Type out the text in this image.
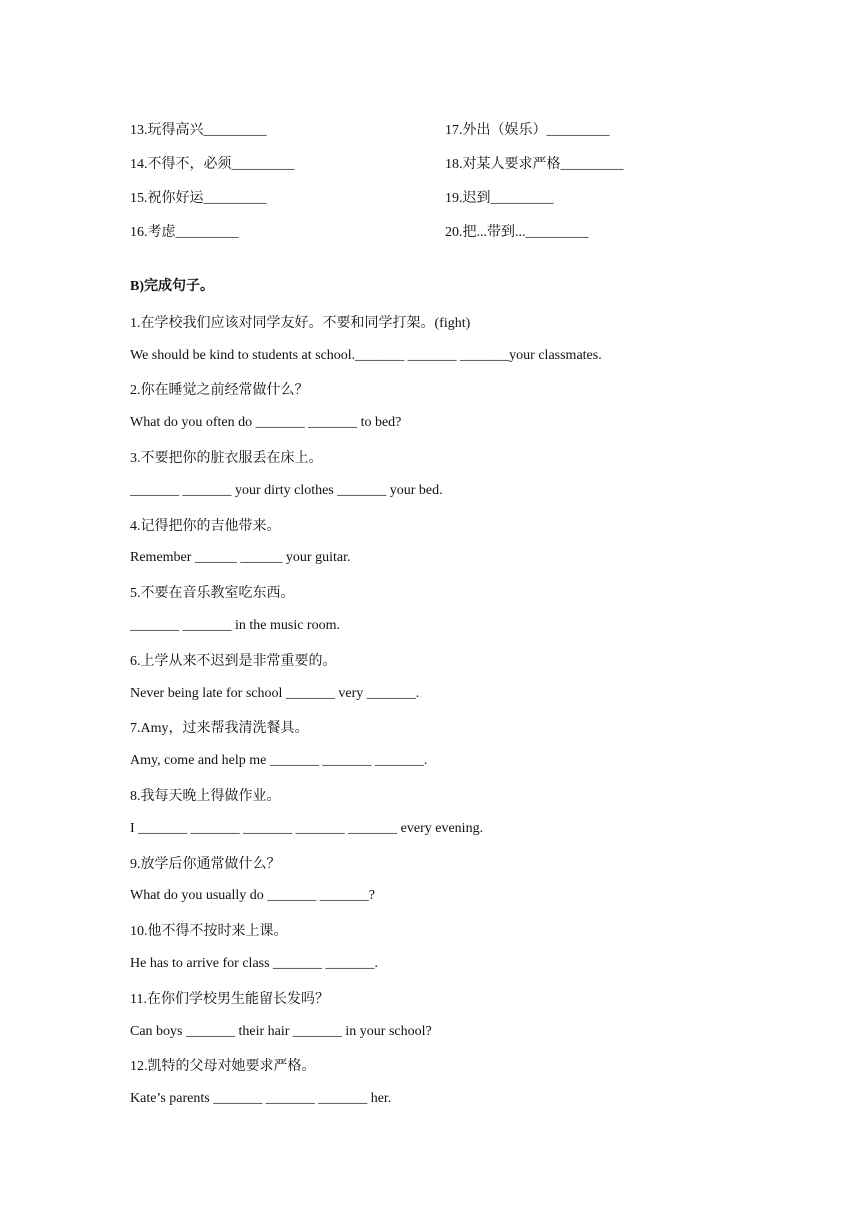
13.玩得高兴_________	17.外出（娱乐）_________
14.不得不，必须_________	18.对某人要求严格_________
15.祝你好运_________	19.迟到_________
16.考虑_________	20.把...带到..._________
B)完成句子。
1.在学校我们应该对同学友好。不要和同学打架。(fight)
We should be kind to students at school._______ _______ _______your classmates.
2.你在睡觉之前经常做什么？
What do you often do _______ _______ to bed?
3.不要把你的脏衣服丢在床上。
_______ _______ your dirty clothes _______ your bed.
4.记得把你的吉他带来。
Remember ______ ______ your guitar.
5.不要在音乐教室吃东西。
_______ _______ in the music room.
6.上学从来不迟到是非常重要的。
Never being late for school _______ very _______.
7.Amy，过来帮我清洗餐具。
Amy, come and help me _______ _______ _______.
8.我每天晚上得做作业。
I _______ _______ _______ _______ _______ every evening.
9.放学后你通常做什么？
What do you usually do _______ _______?
10.他不得不按时来上课。
He has to arrive for class _______ _______.
11.在你们学校男生能留长发吗？
Can boys _______ their hair _______ in your school?
12.凯特的父母对她要求严格。
Kate’s parents _______ _______ _______ her.
